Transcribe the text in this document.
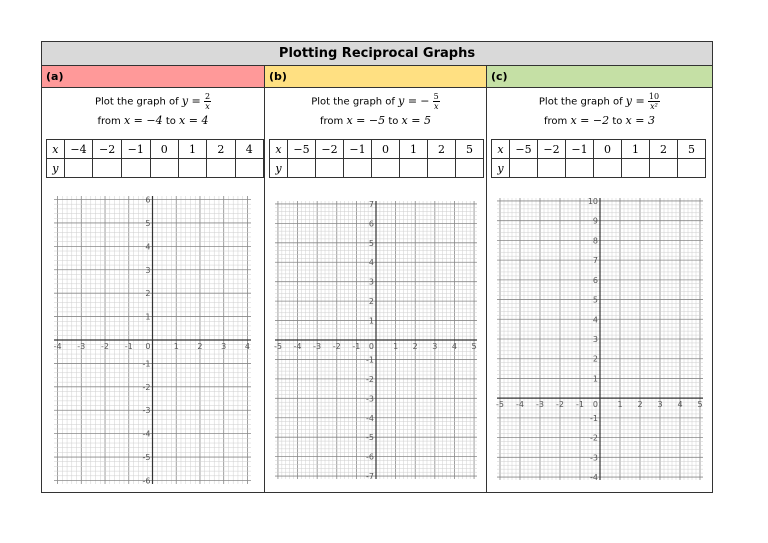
Plotting Reciprocal Graphs
(a)
Plot the graph of $y = \frac{2}{x}$
from x = −4 to x = 4
x	−4	−2	−1	0	1	2	4
y							
-4 -3 -2 -1	1 2 3 4
-6
-5
-4
-3
-2
-1
1
2
3
4
5
6
0
(b)
Plot the graph of y = − $\frac{5}{x}$
from x = −5 to x = 5
x	−5	−2	−1	0	1	2	5
y							
-5 -4 -3 -2 -1	1 2 3 4 5
-7
-6
-5
-4
-3
-2
-1
1
2
3
4
5
6
7
0
(c)
Plot the graph of $y = \frac{10}{\text{x²}}$
from x = −2 to x = 3
x	−5	−2	−1	0	1	2	5
y							
-5 -4 -3 -2 -1	1 2 3 4 5
-4
-3
-2
-1
1
2
3
4
5
6
7
8
9
10
0
